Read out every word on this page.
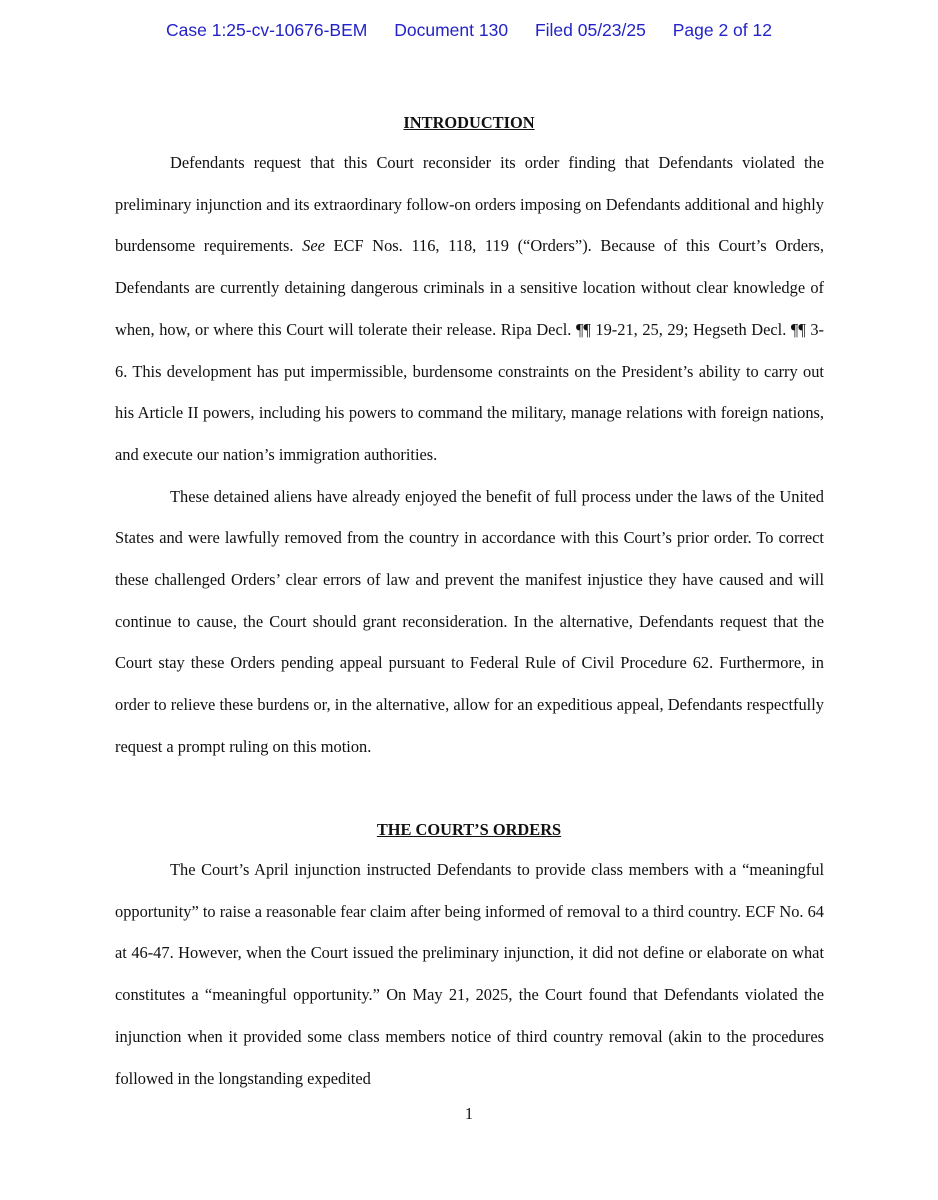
Case 1:25-cv-10676-BEM Document 130 Filed 05/23/25 Page 2 of 12
INTRODUCTION

Defendants request that this Court reconsider its order finding that Defendants violated the preliminary injunction and its extraordinary follow-on orders imposing on Defendants additional and highly burdensome requirements. See ECF Nos. 116, 118, 119 (“Orders”). Because of this Court’s Orders, Defendants are currently detaining dangerous criminals in a sensitive location without clear knowledge of when, how, or where this Court will tolerate their release. Ripa Decl. ¶¶ 19-21, 25, 29; Hegseth Decl. ¶¶ 3-6. This development has put impermissible, burdensome constraints on the President’s ability to carry out his Article II powers, including his powers to command the military, manage relations with foreign nations, and execute our nation’s immigration authorities.

These detained aliens have already enjoyed the benefit of full process under the laws of the United States and were lawfully removed from the country in accordance with this Court’s prior order. To correct these challenged Orders’ clear errors of law and prevent the manifest injustice they have caused and will continue to cause, the Court should grant reconsideration. In the alternative, Defendants request that the Court stay these Orders pending appeal pursuant to Federal Rule of Civil Procedure 62. Furthermore, in order to relieve these burdens or, in the alternative, allow for an expeditious appeal, Defendants respectfully request a prompt ruling on this motion.

THE COURT’S ORDERS

The Court’s April injunction instructed Defendants to provide class members with a “meaningful opportunity” to raise a reasonable fear claim after being informed of removal to a third country. ECF No. 64 at 46-47. However, when the Court issued the preliminary injunction, it did not define or elaborate on what constitutes a “meaningful opportunity.” On May 21, 2025, the Court found that Defendants violated the injunction when it provided some class members notice of third country removal (akin to the procedures followed in the longstanding expedited

1
